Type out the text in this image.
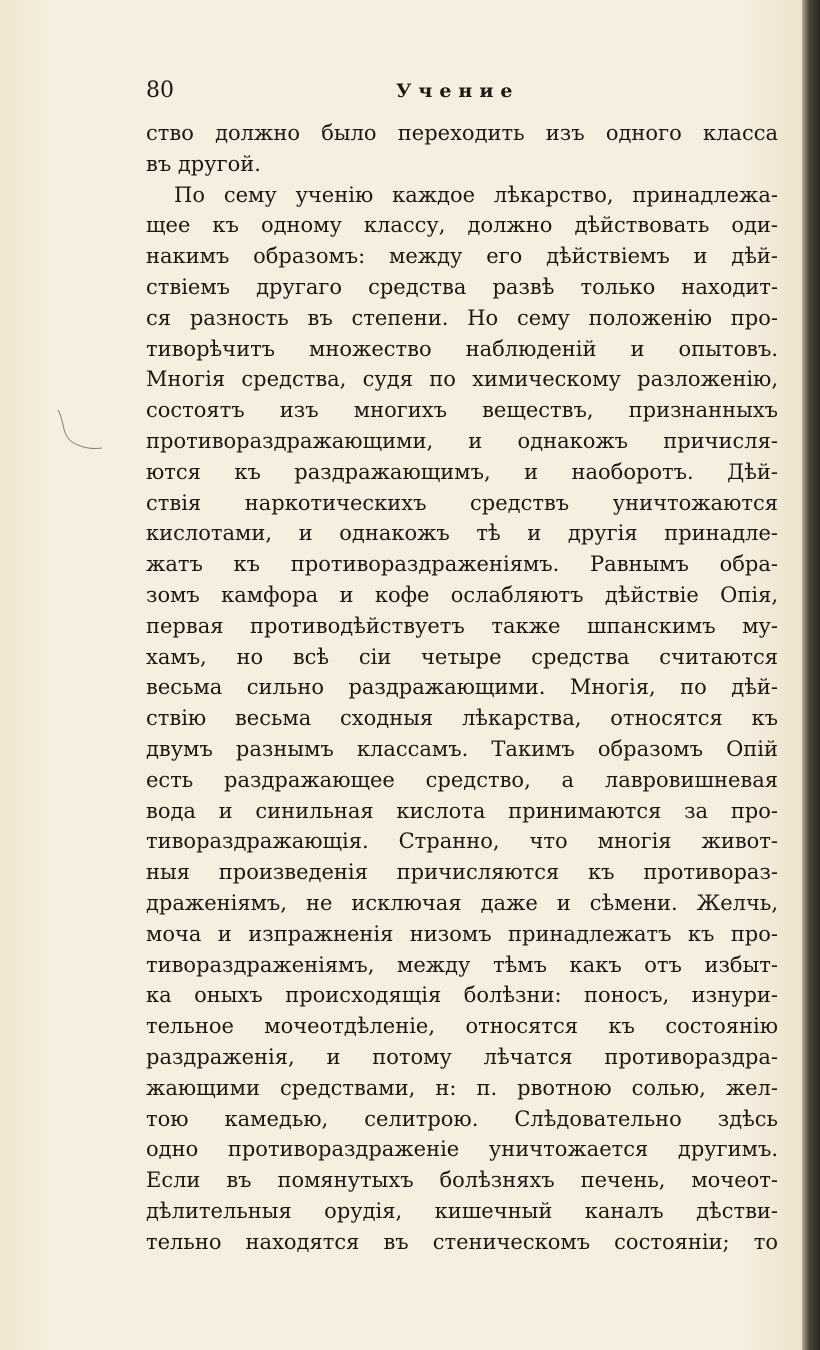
80	Учение
ство должно было переходить изъ одного класса
въ другой.
По сему ученію каждое лѣкарство, принадлежа-
щее къ одному классу, должно дѣйствовать оди-
накимъ образомъ: между его дѣйствіемъ и дѣй-
ствіемъ другаго средства развѣ только находит-
ся разность въ степени. Но сему положенію про-
тиворѣчитъ множество наблюденій и опытовъ.
Многія средства, судя по химическому разложенію,
состоятъ изъ многихъ веществъ, признанныхъ
противораздражающими, и однакожъ причисля-
ются къ раздражающимъ, и наоборотъ. Дѣй-
ствія наркотическихъ средствъ уничтожаются
кислотами, и однакожъ тѣ и другія принадле-
жатъ къ противораздраженіямъ. Равнымъ обра-
зомъ камфора и кофе ослабляютъ дѣйствіе Опія,
первая противодѣйствуетъ также шпанскимъ му-
хамъ, но всѣ сіи четыре средства считаются
весьма сильно раздражающими. Многія, по дѣй-
ствію весьма сходныя лѣкарства, относятся къ
двумъ разнымъ классамъ. Такимъ образомъ Опій
есть раздражающее средство, а лавровишневая
вода и синильная кислота принимаются за про-
тивораздражающія. Странно, что многія живот-
ныя произведенія причисляются къ противораз-
драженіямъ, не исключая даже и сѣмени. Желчь,
моча и изпражненія низомъ принадлежатъ къ про-
тивораздраженіямъ, между тѣмъ какъ отъ избыт-
ка оныхъ происходящія болѣзни: поносъ, изнури-
тельное мочеотдѣленіе, относятся къ состоянію
раздраженія, и потому лѣчатся противораздра-
жающими средствами, н: п. рвотною солью, жел-
тою камедью, селитрою. Слѣдовательно здѣсь
одно противораздраженіе уничтожается другимъ.
Если въ помянутыхъ болѣзняхъ печень, мочеот-
дѣлительныя орудія, кишечный каналъ дѣстви-
тельно находятся въ стеническомъ состояніи; то
